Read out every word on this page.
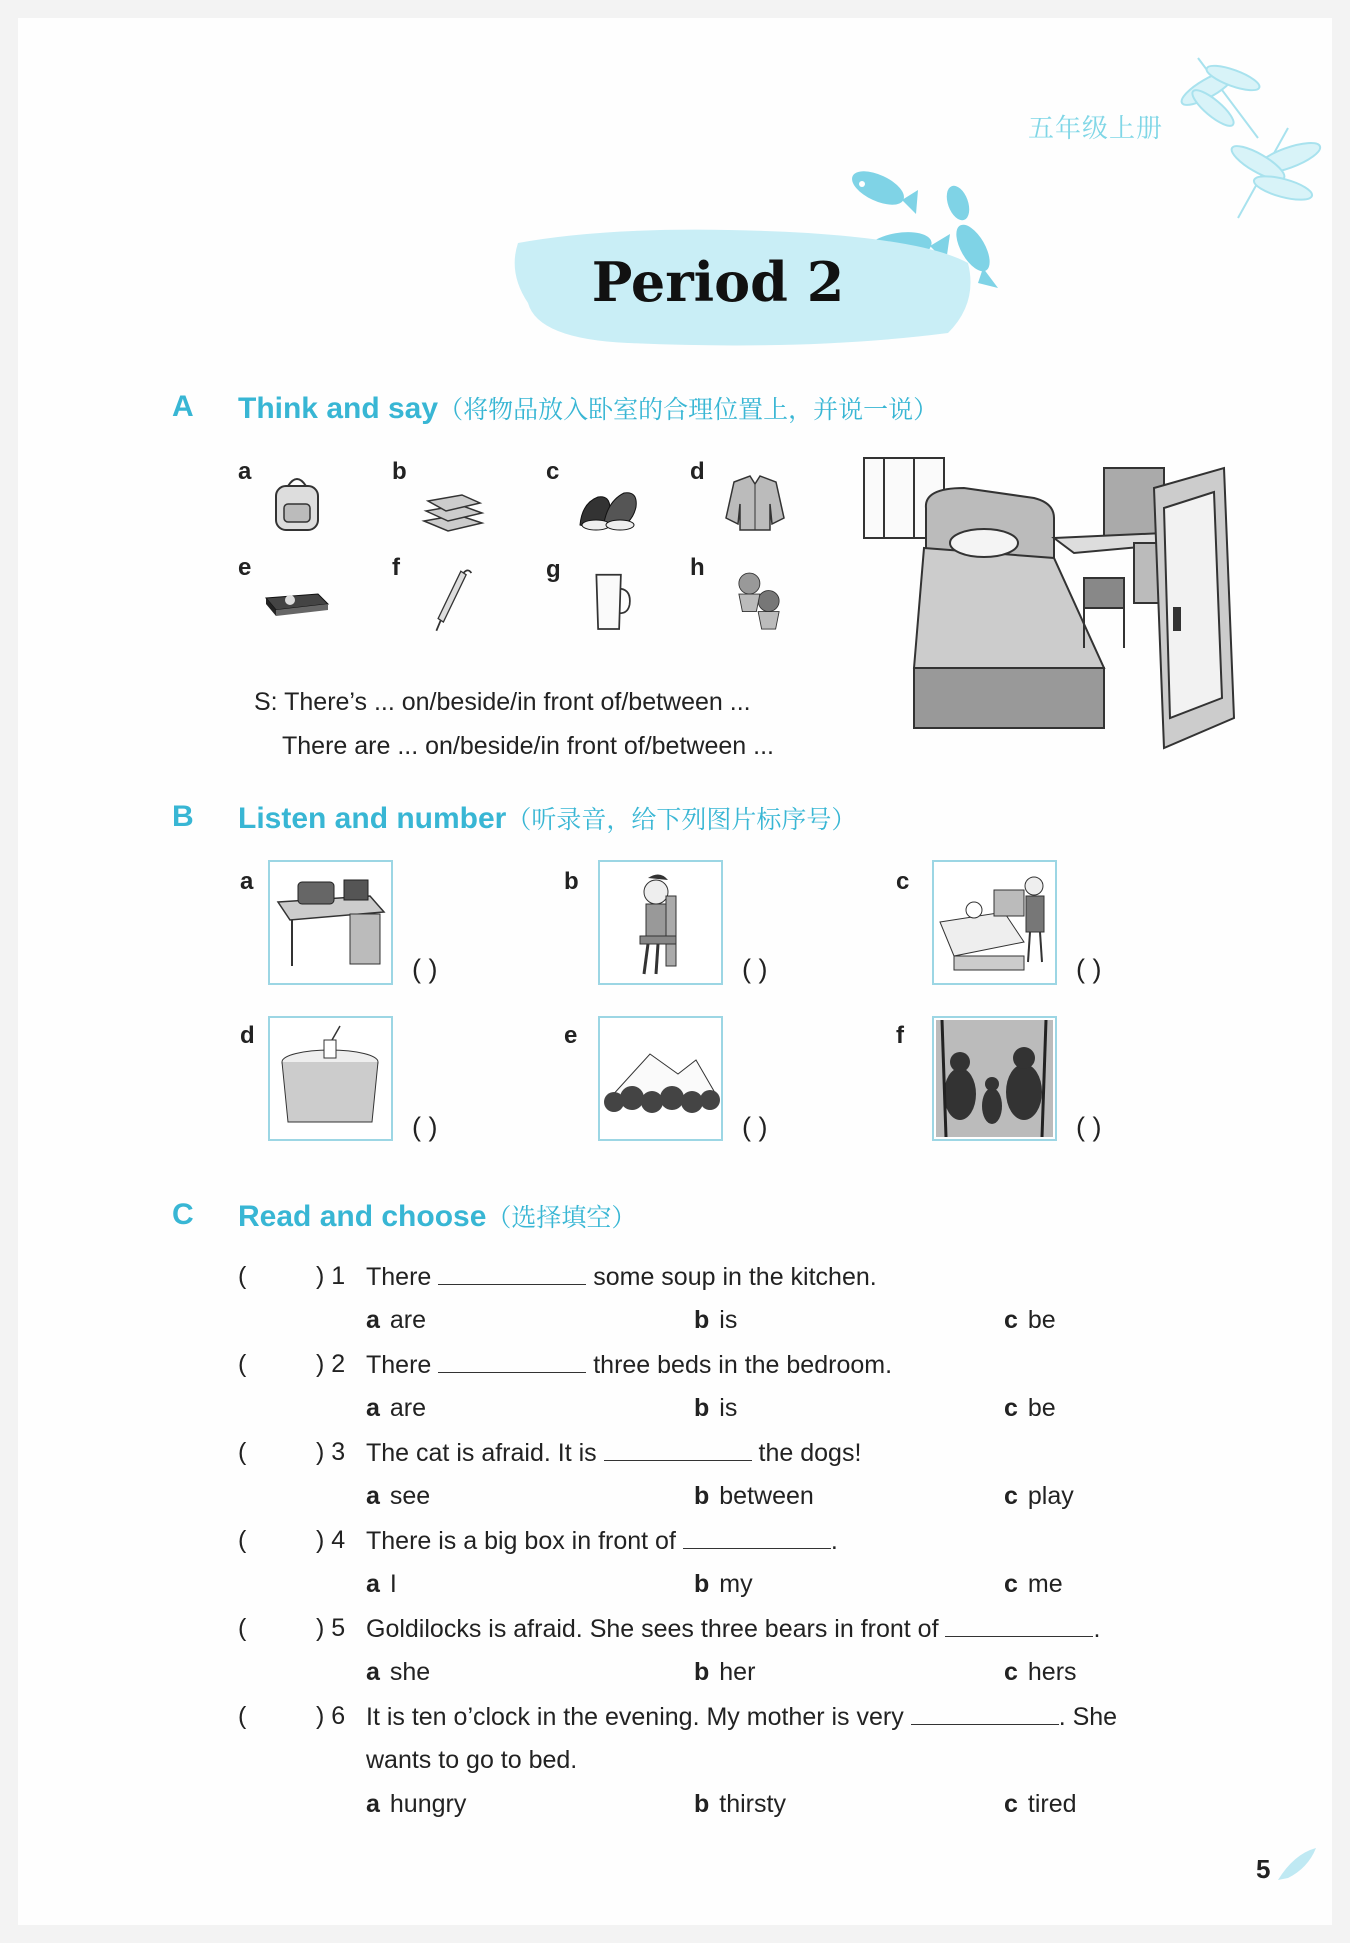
五年级上册
Period 2
A Think and say（将物品放入卧室的合理位置上，并说一说）
a	b	c	d
e	f	g	h
S: There’s ... on/beside/in front of/between ...
There are ... on/beside/in front of/between ...
B Listen and number（听录音，给下列图片标序号）
a
( )
b
( )
c
( )
d
( )
e
( )
f
( )
C Read and choose（选择填空）
(	) 1 There	some soup in the kitchen.
a are	b is	c be
(	) 2 There	three beds in the bedroom.
a are	b is	c be
(	) 3 The cat is afraid. It is	the dogs!
a see	b between	c play
(	) 4 There is a big box in front of	.
a I	b my	c me
(	) 5 Goldilocks is afraid. She sees three bears in front of	.
a she	b her	c hers
(	) 6 It is ten o’clock in the evening. My mother is very	. She
wants to go to bed.
a hungry	b thirsty	c tired
5
